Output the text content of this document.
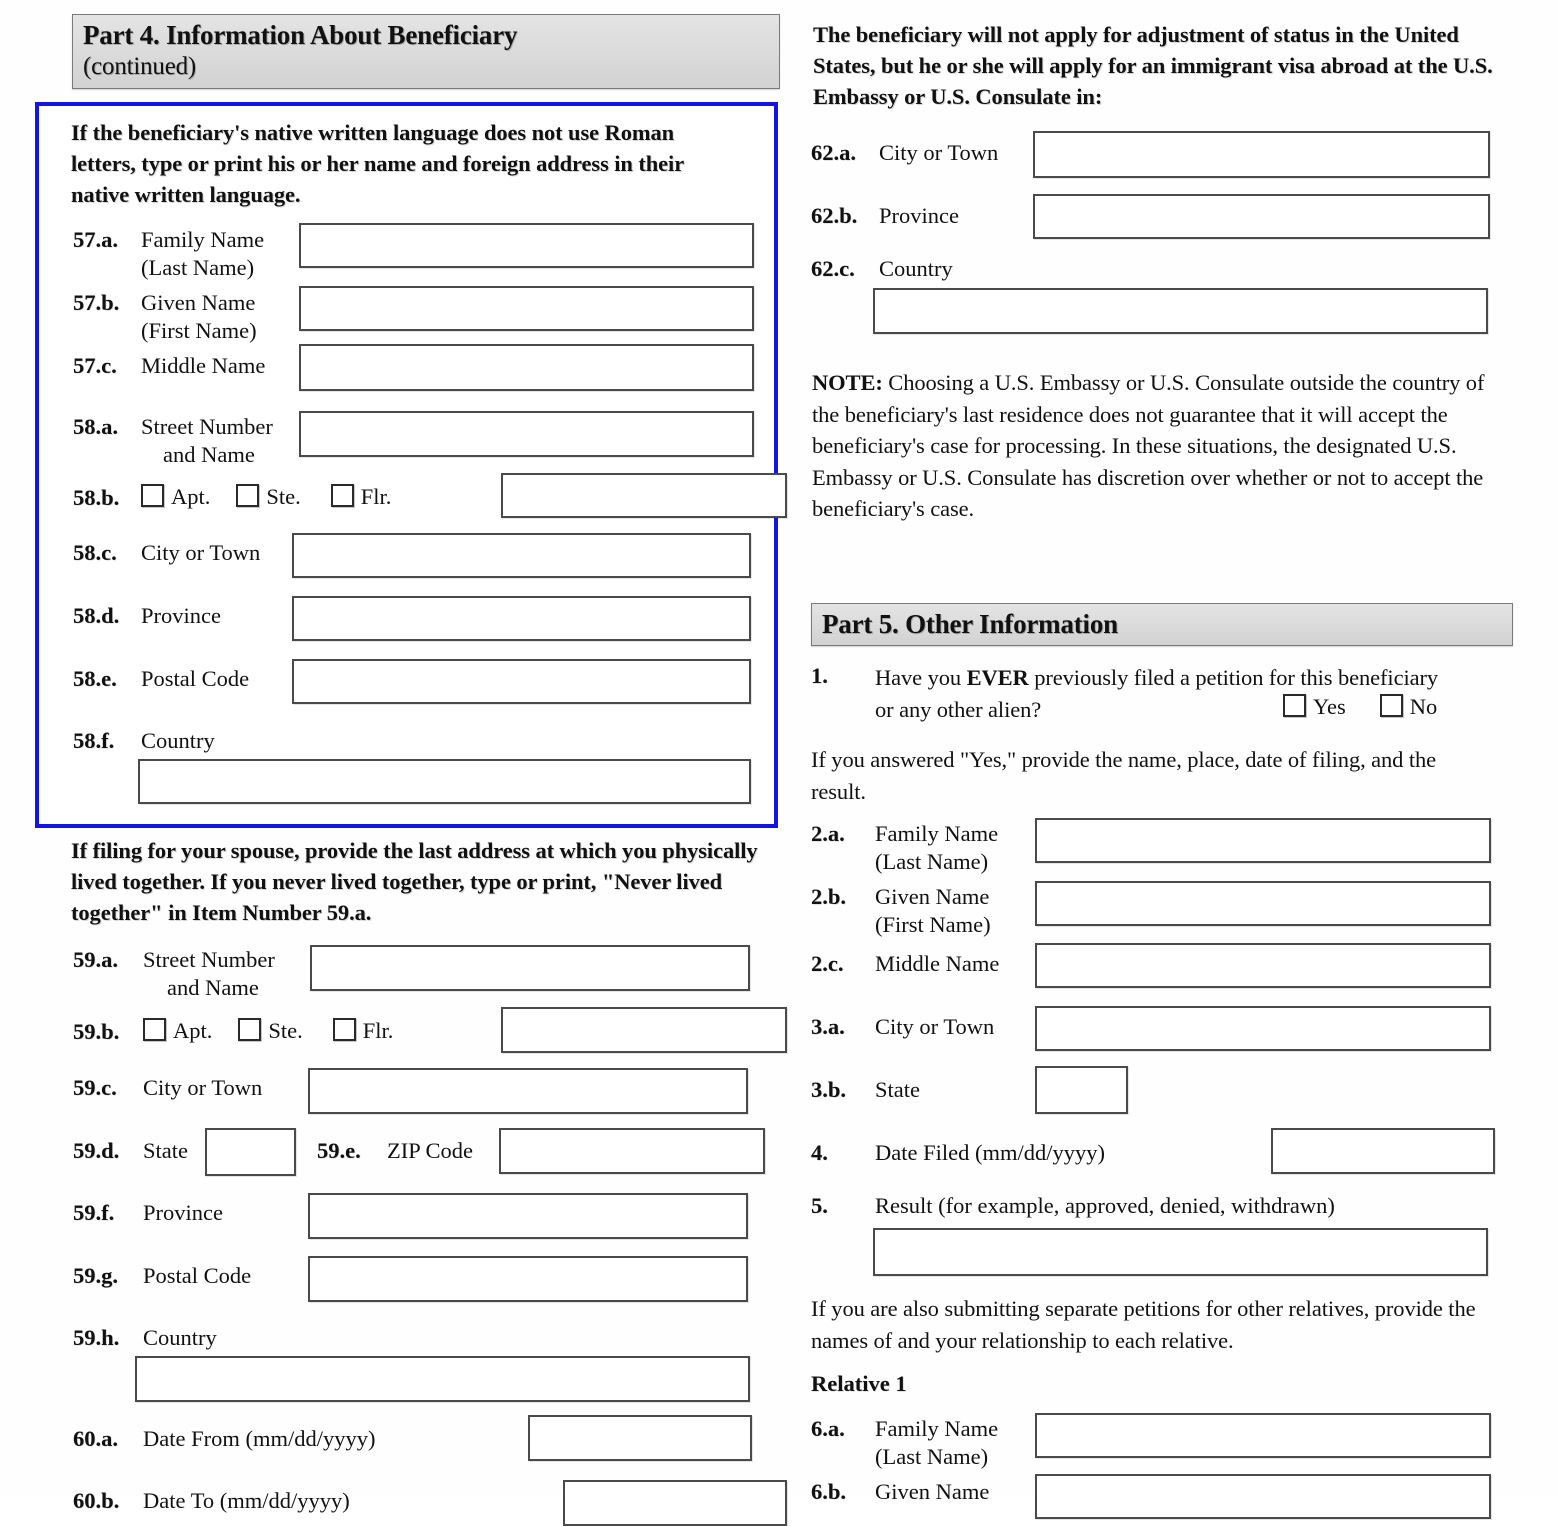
Part 4. Information About Beneficiary
(continued)
If the beneficiary's native written language does not use Roman letters, type or print his or her name and foreign address in their native written language.
57.a.	Family Name
(Last Name)
57.b. Given Name
(First Name)
57.c.	Middle Name
58.a.	Street Number
and Name
58.b.	Apt. Ste.	Flr.
58.c.	City or Town
58.d. Province
58.e.	Postal Code
58.f.	Country
If filing for your spouse, provide the last address at which you physically lived together. If you never lived together, type or print, "Never lived together" in Item Number 59.a.
59.a.	Street Number
and Name
59.b.	Apt. Ste.	Flr.
59.c.	City or Town
59.d.	State	59.e.	ZIP Code
59.f.	Province
59.g.	Postal Code
59.h.	Country
60.a.	Date From (mm/dd/yyyy)
60.b.	Date To (mm/dd/yyyy)
The beneficiary will not apply for adjustment of status in the United States, but he or she will apply for an immigrant visa abroad at the U.S. Embassy or U.S. Consulate in:
62.a.	City or Town
62.b. Province
62.c.	Country
NOTE: Choosing a U.S. Embassy or U.S. Consulate outside the country of the beneficiary's last residence does not guarantee that it will accept the beneficiary's case for processing. In these situations, the designated U.S. Embassy or U.S. Consulate has discretion over whether or not to accept the beneficiary's case.
Part 5. Other Information
1. Have you EVER previously filed a petition for this beneficiary or any other alien?	Yes	No
If you answered "Yes," provide the name, place, date of filing, and the result.
2.a.	Family Name
(Last Name)
2.b.	Given Name
(First Name)
2.c.	Middle Name
3.a.	City or Town
3.b.	State
4.	Date Filed (mm/dd/yyyy)
5.	Result (for example, approved, denied, withdrawn)
If you are also submitting separate petitions for other relatives, provide the names of and your relationship to each relative.
Relative 1
6.a.	Family Name
(Last Name)
6.b.	Given Name
